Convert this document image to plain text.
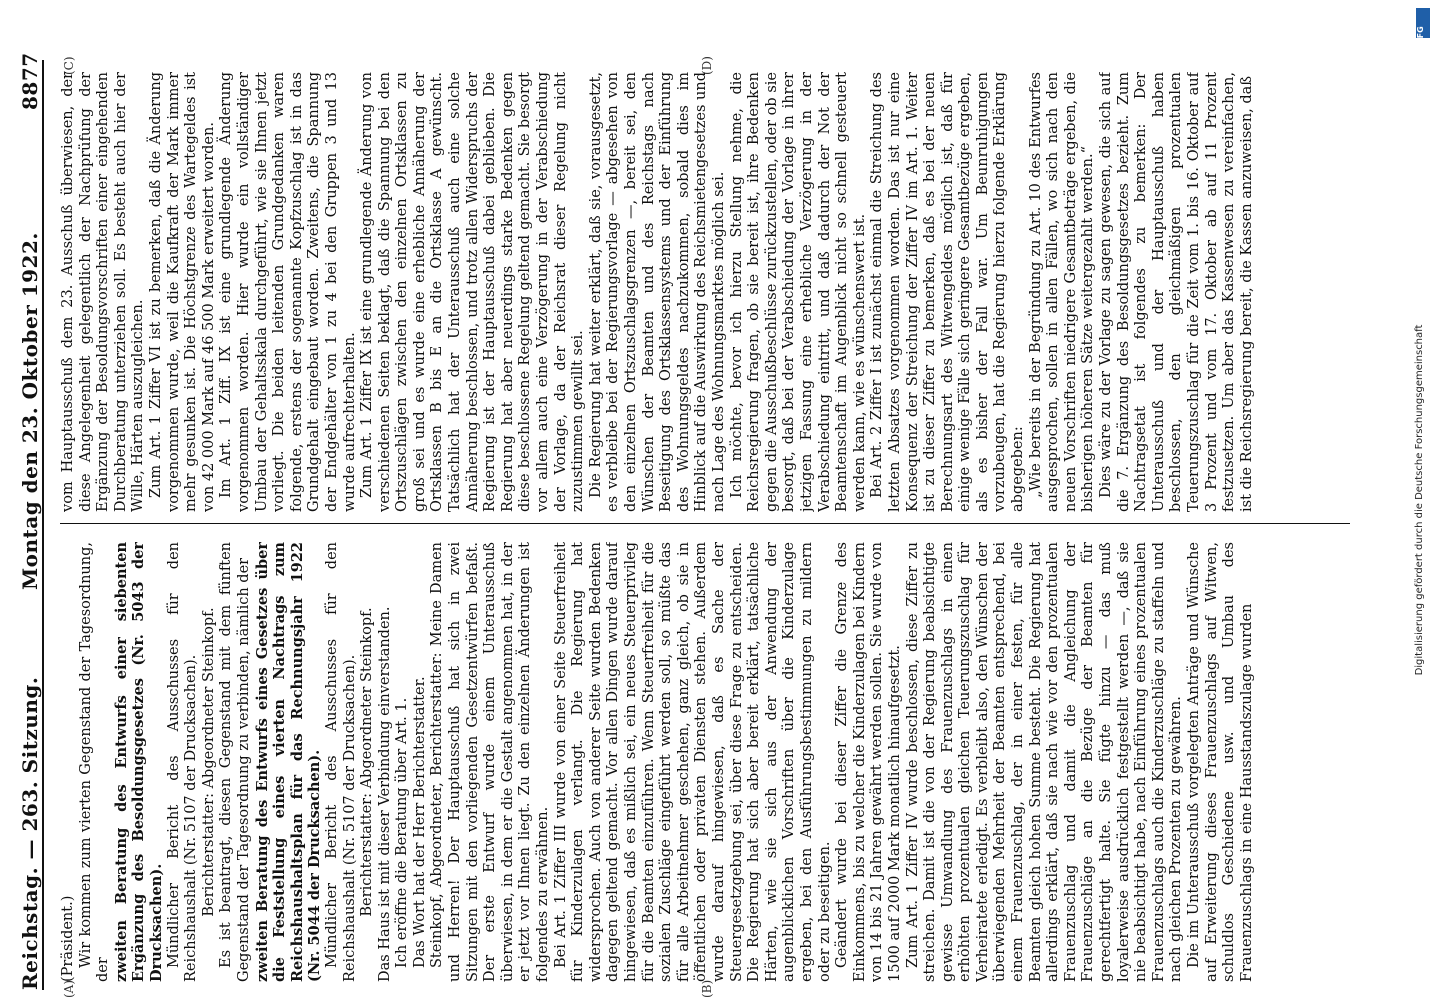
Reichstag. — 263. Sitzung.
Montag den 23. Oktober 1922.
8877
(A)	(B)
(C)	(D)

(Präsident.) Wir kommen zum vierten Gegenstand der Tagesordnung, der zweiten Beratung des Entwurfs einer siebenten Ergänzung des Besoldungsgesetzes (Nr. 5043 der Drucksachen). Mündlicher Bericht des Ausschusses für den Reichshaushalt (Nr. 5107 der Drucksachen). Berichterstatter: Abgeordneter Steinkopf. Es ist beantragt, diesen Gegenstand mit dem fünften Gegenstand der Tagesordnung zu verbinden, nämlich der zweiten Beratung des Entwurfs eines Gesetzes über die Feststellung eines vierten Nachtrags zum Reichshaushaltsplan für das Rechnungsjahr 1922 (Nr. 5044 der Drucksachen). Mündlicher Bericht des Ausschusses für den Reichshaushalt (Nr. 5107 der Drucksachen). Berichterstatter: Abgeordneter Steinkopf. Das Haus ist mit dieser Verbindung einverstanden. Ich eröffne die Beratung über Art. 1. Das Wort hat der Herr Berichterstatter. Steinkopf, Abgeordneter, Berichterstatter: Meine Damen und Herren! Der Hauptausschuß hat sich in zwei Sitzungen mit den vorliegenden Gesetzentwürfen befaßt. Der erste Entwurf wurde einem Unterausschuß überwiesen, in dem er die Gestalt angenommen hat, in der er jetzt vor Ihnen liegt. Zu den einzelnen Änderungen ist folgendes zu erwähnen. Bei Art. 1 Ziffer III wurde von einer Seite Steuerfreiheit für Kinderzulagen verlangt. Die Regierung hat widersprochen. Auch von anderer Seite wurden Bedenken dagegen geltend gemacht. Vor allen Dingen wurde darauf hingewiesen, daß es mißlich sei, ein neues Steuerprivileg für die Beamten einzuführen. Wenn Steuerfreiheit für die sozialen Zuschläge eingeführt werden soll, so müßte das für alle Arbeitnehmer geschehen, ganz gleich, ob sie in öffentlichen oder privaten Diensten stehen. Außerdem wurde darauf hingewiesen, daß es Sache der Steuergesetzgebung sei, über diese Frage zu entscheiden. Die Regierung hat sich aber bereit erklärt, tatsächliche Härten, wie sie sich aus der Anwendung der augenblicklichen Vorschriften über die Kinderzulage ergeben, bei den Ausführungsbestimmungen zu mildern oder zu beseitigen. Geändert wurde bei dieser Ziffer die Grenze des Einkommens, bis zu welcher die Kinderzulagen bei Kindern von 14 bis 21 Jahren gewährt werden sollen. Sie wurde von 1500 auf 2000 Mark monatlich hinaufgesetzt. Zum Art. 1 Ziffer IV wurde beschlossen, diese Ziffer zu streichen. Damit ist die von der Regierung beabsichtigte gewisse Umwandlung des Frauenzuschlags in einen erhöhten prozentualen gleichen Teuerungszuschlag für Verheiratete erledigt. Es verbleibt also, den Wünschen der überwiegenden Mehrheit der Beamten entsprechend, bei einem Frauenzuschlag, der in einer festen, für alle Beamten gleich hohen Summe besteht. Die Regierung hat allerdings erklärt, daß sie nach wie vor den prozentualen Frauenzuschlag und damit die Angleichung der Frauenzuschläge an die Bezüge der Beamten für gerechtfertigt halte. Sie fügte hinzu — das muß loyalerweise ausdrücklich festgestellt werden —, daß sie nie beabsichtigt habe, nach Einführung eines prozentualen Frauenzuschlags auch die Kinderzuschläge zu staffeln und nach gleichen Prozenten zu gewähren. Die im Unterausschuß vorgelegten Anträge und Wünsche auf Erweiterung dieses Frauenzuschlags auf Witwen, schuldlos Geschiedene usw. und Umbau des Frauenzuschlags in eine Hausstandszulage wurden

vom Hauptausschuß dem 23. Ausschuß überwiesen, der diese Angelegenheit gelegentlich der Nachprüfung der Ergänzung der Besoldungsvorschriften einer eingehenden Durchberatung unterziehen soll. Es besteht auch hier der Wille, Härten auszugleichen. Zum Art. 1 Ziffer VI ist zu bemerken, daß die Änderung vorgenommen wurde, weil die Kaufkraft der Mark immer mehr gesunken ist. Die Höchstgrenze des Wartegeldes ist von 42 000 Mark auf 46 500 Mark erweitert worden. Im Art. 1 Ziff. IX ist eine grundlegende Änderung vorgenommen worden. Hier wurde ein vollständiger Umbau der Gehaltsskala durchgeführt, wie sie Ihnen jetzt vorliegt. Die beiden leitenden Grundgedanken waren folgende, erstens der sogenannte Kopfzuschlag ist in das Grundgehalt eingebaut worden. Zweitens, die Spannung der Endgehälter von 1 zu 4 bei den Gruppen 3 und 13 wurde aufrechterhalten. Zum Art. 1 Ziffer IX ist eine grundlegende Änderung von verschiedenen Seiten beklagt, daß die Spannung bei den Ortszuschlägen zwischen den einzelnen Ortsklassen zu groß sei und es wurde eine erhebliche Annäherung der Ortsklassen B bis E an die Ortsklasse A gewünscht. Tatsächlich hat der Unterausschuß auch eine solche Annäherung beschlossen, und trotz allen Widerspruchs der Regierung ist der Hauptausschuß dabei geblieben. Die Regierung hat aber neuerdings starke Bedenken gegen diese beschlossene Regelung geltend gemacht. Sie besorgt vor allem auch eine Verzögerung in der Verabschiedung der Vorlage, da der Reichsrat dieser Regelung nicht zuzustimmen gewillt sei. Die Regierung hat weiter erklärt, daß sie, vorausgesetzt, es verbleibe bei der Regierungsvorlage — abgesehen von den einzelnen Ortszuschlagsgrenzen —, bereit sei, den Wünschen der Beamten und des Reichstags nach Beseitigung des Ortsklassensystems und der Einführung des Wohnungsgeldes nachzukommen, sobald dies im Hinblick auf die Auswirkung des Reichsmietengesetzes und nach Lage des Wohnungsmarktes möglich sei. Ich möchte, bevor ich hierzu Stellung nehme, die Reichsregierung fragen, ob sie bereit ist, ihre Bedenken gegen die Ausschußbeschlüsse zurückzustellen, oder ob sie besorgt, daß bei der Verabschiedung der Vorlage in ihrer jetzigen Fassung eine erhebliche Verzögerung in der Verabschiedung eintritt, und daß dadurch der Not der Beamtenschaft im Augenblick nicht so schnell gesteuert werden kann, wie es wünschenswert ist. Bei Art. 2 Ziffer I ist zunächst einmal die Streichung des letzten Absatzes vorgenommen worden. Das ist nur eine Konsequenz der Streichung der Ziffer IV im Art. 1. Weiter ist zu dieser Ziffer zu bemerken, daß es bei der neuen Berechnungsart des Witwengeldes möglich ist, daß für einige wenige Fälle sich geringere Gesamtbezüge ergeben, als es bisher der Fall war. Um Beunruhigungen vorzubeugen, hat die Regierung hierzu folgende Erklärung abgegeben: „Wie bereits in der Begründung zu Art. 10 des Entwurfes ausgesprochen, sollen in allen Fällen, wo sich nach den neuen Vorschriften niedrigere Gesamtbeträge ergeben, die bisherigen höheren Sätze weitergezahlt werden.“ Dies wäre zu der Vorlage zu sagen gewesen, die sich auf die 7. Ergänzung des Besoldungsgesetzes bezieht. Zum Nachtragsetat ist folgendes zu bemerken: Der Unterausschuß und der Hauptausschuß haben beschlossen, den gleichmäßigen prozentualen Teuerungszuschlag für die Zeit vom 1. bis 16. Oktober auf 3 Prozent und vom 17. Oktober ab auf 11 Prozent festzusetzen. Um aber das Kassenwesen zu vereinfachen, ist die Reichsregierung bereit, die Kassen anzuweisen, daß

DFG
Digitalisierung gefördert durch die Deutsche Forschungsgemeinschaft
